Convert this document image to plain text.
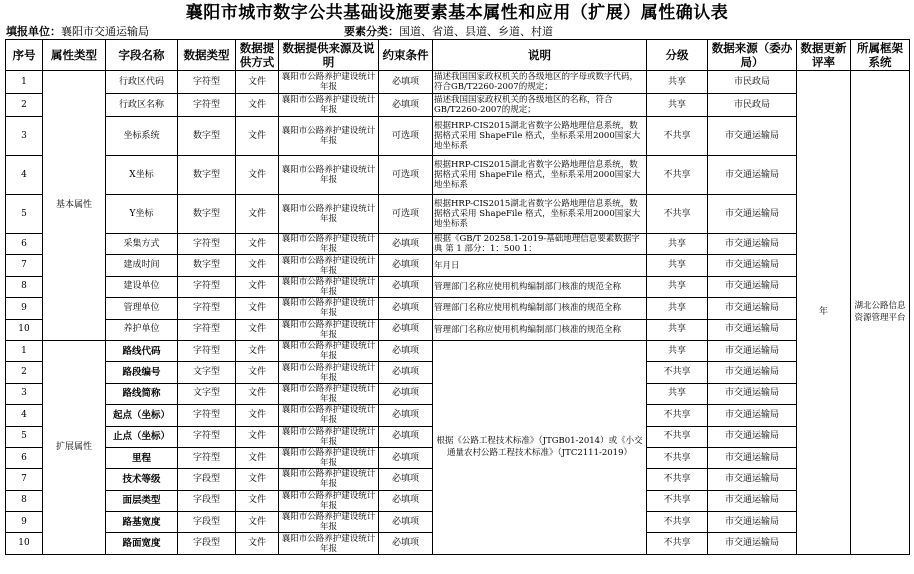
襄阳市城市数字公共基础设施要素基本属性和应用（扩展）属性确认表
填报单位：襄阳市交通运输局	要素分类：国道、省道、县道、乡道、村道
序号	属性类型	字段名称	数据类型	数据提供方式	数据提供来源及说明	约束条件	说明	分级	数据来源（委办局）	数据更新评率	所属框架系统
1	基本属性	行政区代码	字符型	文件	襄阳市公路养护建设统计年报	必填项	描述我国国家政权机关的各级地区的字母或数字代码，符合GB/T2260-2007的规定；	共享	市民政局	年	湖北公路信息资源管理平台
2		行政区名称	字符型	文件	襄阳市公路养护建设统计年报	必填项	描述我国国家政权机关的各级地区的名称，符合GB/T2260-2007的规定；	共享	市民政局		
3		坐标系统	数字型	文件	襄阳市公路养护建设统计年报	可选项	根据HRP-CIS2015湖北省数字公路地理信息系统，数据格式采用 ShapeFile 格式，坐标系采用2000国家大地坐标系	不共享	市交通运输局		
4		X坐标	数字型	文件	襄阳市公路养护建设统计年报	可选项	根据HRP-CIS2015湖北省数字公路地理信息系统，数据格式采用 ShapeFile 格式，坐标系采用2000国家大地坐标系	不共享	市交通运输局		
5		Y坐标	数字型	文件	襄阳市公路养护建设统计年报	可选项	根据HRP-CIS2015湖北省数字公路地理信息系统，数据格式采用 ShapeFile 格式，坐标系采用2000国家大地坐标系	不共享	市交通运输局		
6		采集方式	字符型	文件	襄阳市公路养护建设统计年报	必填项	根据《GB/T 20258.1-2019-基础地理信息要素数据字典 第 1 部分：1：500 1：	共享	市交通运输局		
7		建成时间	数字型	文件	襄阳市公路养护建设统计年报	必填项	年月日	共享	市交通运输局		
8		建设单位	字符型	文件	襄阳市公路养护建设统计年报	必填项	管理部门名称应使用机构编制部门核准的规范全称	共享	市交通运输局		
9		管理单位	字符型	文件	襄阳市公路养护建设统计年报	必填项	管理部门名称应使用机构编制部门核准的规范全称	共享	市交通运输局		
10		养护单位	字符型	文件	襄阳市公路养护建设统计年报	必填项	管理部门名称应使用机构编制部门核准的规范全称	共享	市交通运输局		
1	扩展属性	路线代码	字符型	文件	襄阳市公路养护建设统计年报	必填项	根据《公路工程技术标准》（JTGB01-2014）或《小交通量农村公路工程技术标准》（JTC2111-2019）	共享	市交通运输局		
2		路段编号	文字型	文件	襄阳市公路养护建设统计年报	必填项		不共享	市交通运输局		
3		路线简称	文字型	文件	襄阳市公路养护建设统计年报	必填项		共享	市交通运输局		
4		起点（坐标）	字符型	文件	襄阳市公路养护建设统计年报	必填项		不共享	市交通运输局		
5		止点（坐标）	字符型	文件	襄阳市公路养护建设统计年报	必填项		不共享	市交通运输局		
6		里程	字符型	文件	襄阳市公路养护建设统计年报	必填项		不共享	市交通运输局		
7		技术等级	字段型	文件	襄阳市公路养护建设统计年报	必填项		不共享	市交通运输局		
8		面层类型	字段型	文件	襄阳市公路养护建设统计年报	必填项		不共享	市交通运输局		
9		路基宽度	字段型	文件	襄阳市公路养护建设统计年报	必填项		不共享	市交通运输局		
10		路面宽度	字段型	文件	襄阳市公路养护建设统计年报	必填项		不共享	市交通运输局		
